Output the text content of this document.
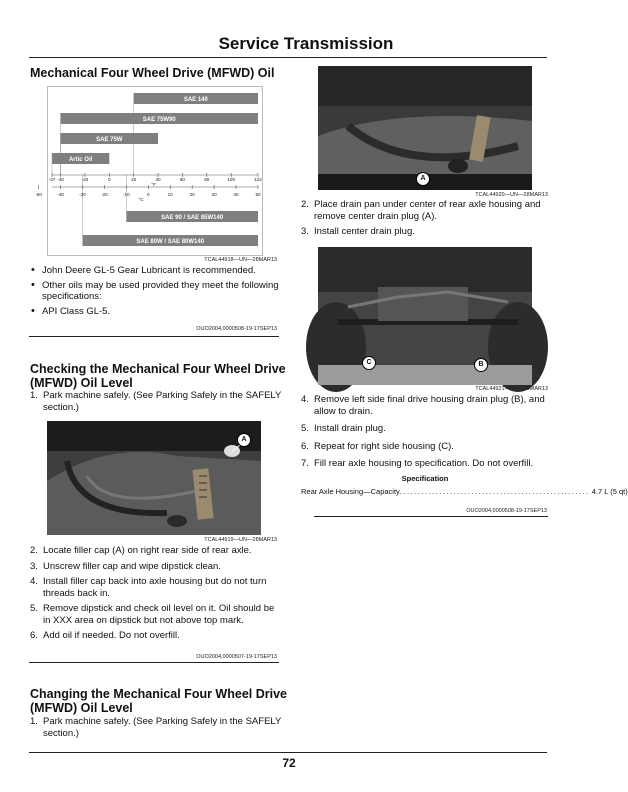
Service Transmission
Mechanical Four Wheel Drive (MFWD) Oil
SAE 140
SAE 75W90
SAE 75W
Artic Oil
SAE 90 / SAE 85W140
SAE 80W / SAE 80W140
-47 -40	-20	0	20	40	60	80	100	122
-50	-40	-30	-20	-10	0	10	20	30	40	50
°F
°C
TCAL44918—UN—28MAR13
• John Deere GL-5 Gear Lubricant is recommended.
• Other oils may be used provided they meet the following specifications:
• API Class GL-5.
OUO2004,0000508-19-17SEP13
Checking the Mechanical Four Wheel Drive (MFWD) Oil Level
1. Park machine safely. (See Parking Safely in the SAFELY section.)
A
TCAL44919—UN—28MAR13
2. Locate filler cap (A) on right rear side of rear axle.
3. Unscrew filler cap and wipe dipstick clean.
4. Install filler cap back into axle housing but do not turn threads back in.
5. Remove dipstick and check oil level on it. Oil should be in XXX area on dipstick but not above top mark.
6. Add oil if needed. Do not overfill.
OUO2004,0000507-19-17SEP13
Changing the Mechanical Four Wheel Drive (MFWD) Oil Level
1. Park machine safely. (See Parking Safely in the SAFELY section.)
A
TCAL44920—UN—28MAR13
2. Place drain pan under center of rear axle housing and remove center drain plug (A).
3. Install center drain plug.
C	B
TCAL44921—UN—28MAR13
4. Remove left side final drive housing drain plug (B), and allow to drain.
5. Install drain plug.
6. Repeat for right side housing (C).
7. Fill rear axle housing to specification. Do not overfill.
Specification
Rear Axle Housing—Capacity ..................................................... 4.7 L (5 qt)
OUO2004,0000508-19-17SEP13
72
